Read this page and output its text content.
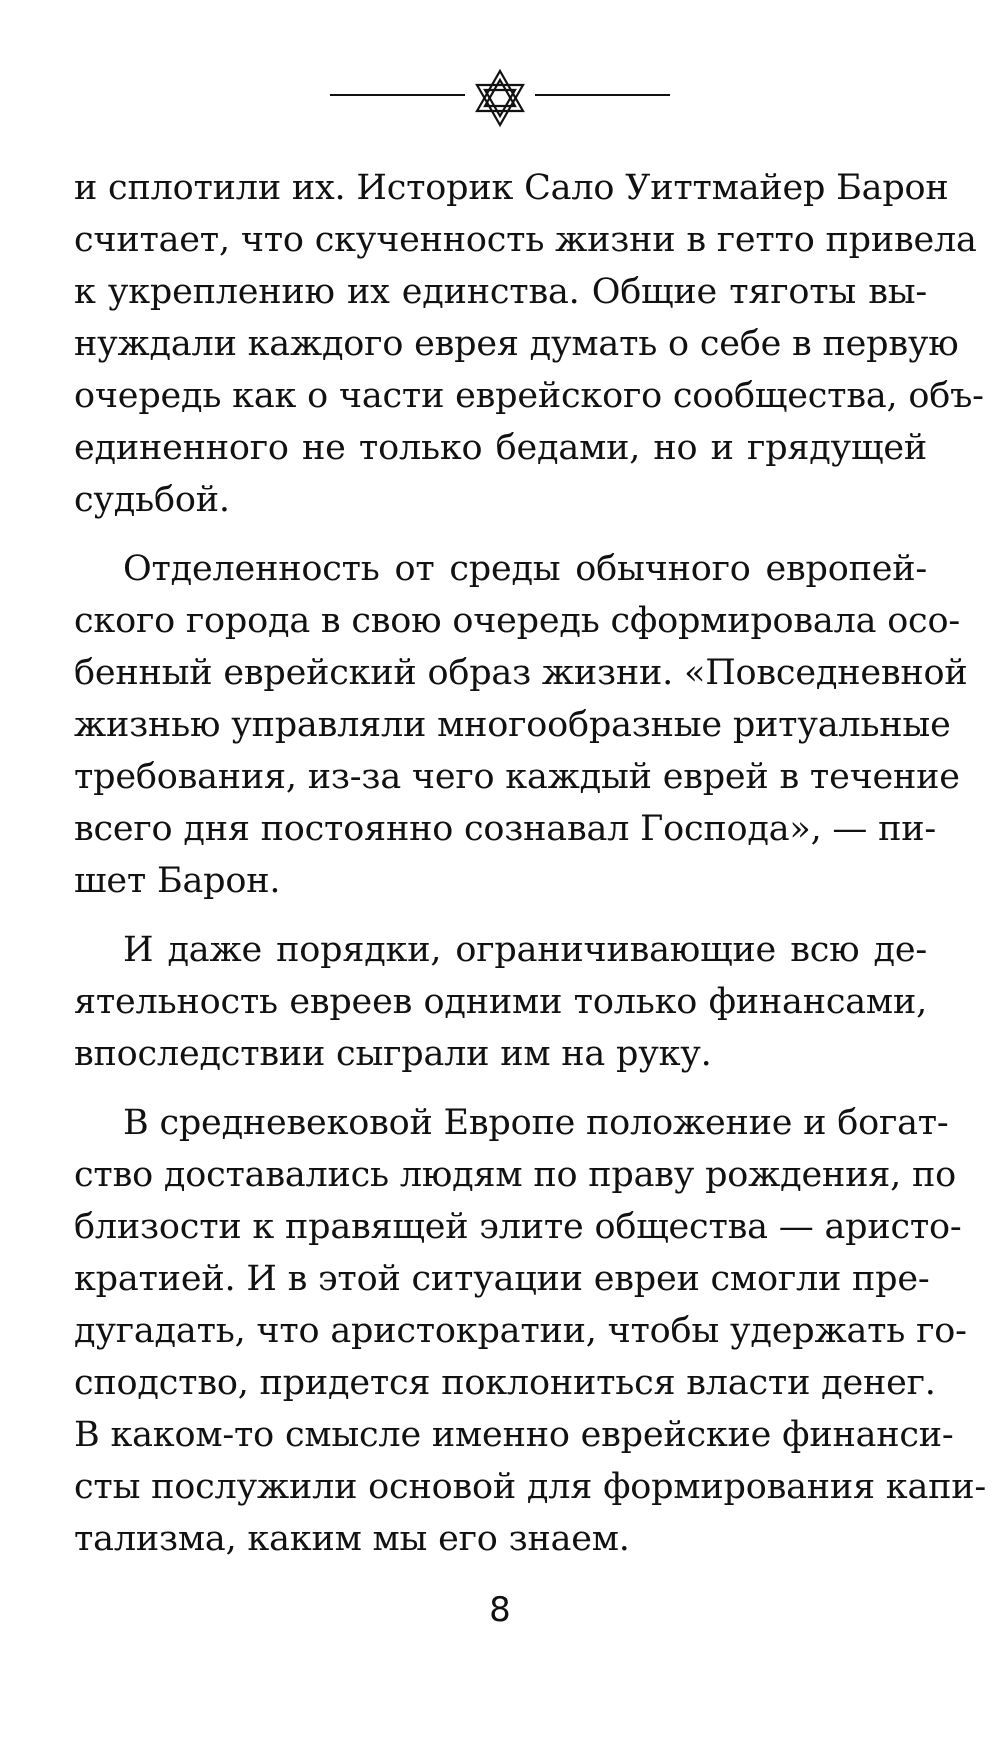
и сплотили их. Историк Сало Уиттмайер Барон
считает, что скученность жизни в гетто привела
к укреплению их единства. Общие тяготы вы-
нуждали каждого еврея думать о себе в первую
очередь как о части еврейского сообщества, объ-
единенного не только бедами, но и грядущей
судьбой.
Отделенность от среды обычного европей-
ского города в свою очередь сформировала осо-
бенный еврейский образ жизни. «Повседневной
жизнью управляли многообразные ритуальные
требования, из-за чего каждый еврей в течение
всего дня постоянно сознавал Господа», — пи-
шет Барон.
И даже порядки, ограничивающие всю де-
ятельность евреев одними только финансами,
впоследствии сыграли им на руку.
В средневековой Европе положение и богат-
ство доставались людям по праву рождения, по
близости к правящей элите общества — аристо-
кратией. И в этой ситуации евреи смогли пре-
дугадать, что аристократии, чтобы удержать го-
сподство, придется поклониться власти денег.
В каком-то смысле именно еврейские финанси-
сты послужили основой для формирования капи-
тализма, каким мы его знаем.
8
